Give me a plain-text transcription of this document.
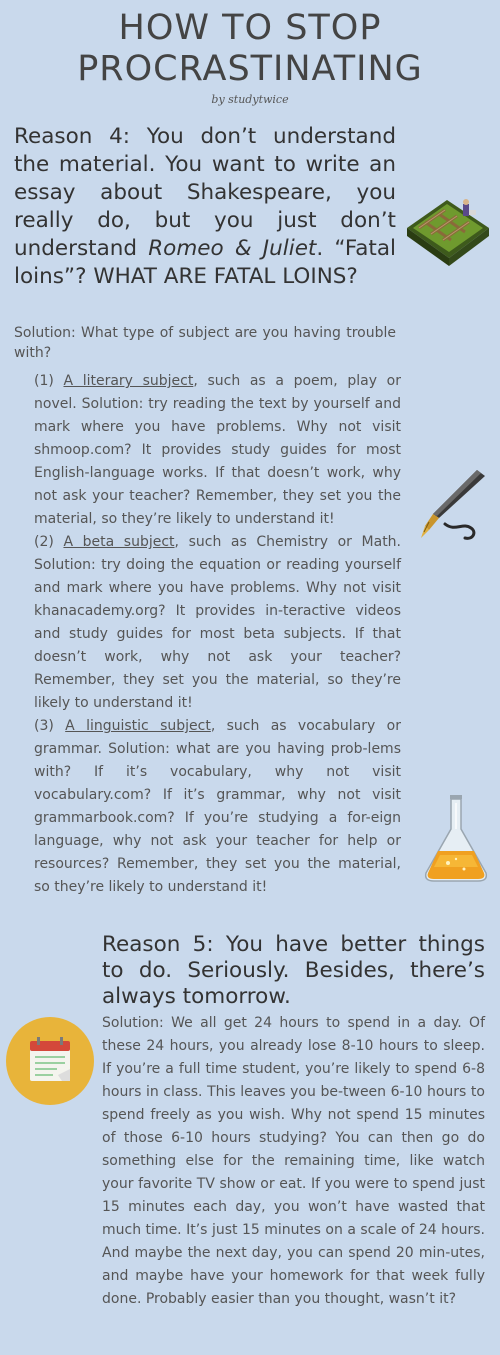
HOW TO STOP
PROCRASTINATING
by studytwice
Reason 4: You don’t understand the material. You want to write an essay about Shakespeare, you really do, but you just don’t understand Romeo & Juliet. “Fatal loins”? WHAT ARE FATAL LOINS?
Solution: What type of subject are you having trouble with?
(1) A literary subject, such as a poem, play or novel. Solution: try reading the text by yourself and mark where you have problems. Why not visit shmoop.com? It provides study guides for most English-language works. If that doesn’t work, why not ask your teacher? Remember, they set you the material, so they’re likely to understand it!
(2) A beta subject, such as Chemistry or Math. Solution: try doing the equation or reading yourself and mark where you have problems. Why not visit khanacademy.org? It provides in-teractive videos and study guides for most beta subjects. If that doesn’t work, why not ask your teacher? Remember, they set you the material, so they’re likely to understand it!
(3) A linguistic subject, such as vocabulary or grammar. Solution: what are you having prob-lems with? If it’s vocabulary, why not visit vocabulary.com? If it’s grammar, why not visit grammarbook.com? If you’re studying a for-eign language, why not ask your teacher for help or resources? Remember, they set you the material, so they’re likely to understand it!
Reason 5: You have better things to do. Seriously. Besides, there’s always tomorrow.
Solution: We all get 24 hours to spend in a day. Of these 24 hours, you already lose 8-10 hours to sleep. If you’re a full time student, you’re likely to spend 6-8 hours in class. This leaves you be-tween 6-10 hours to spend freely as you wish. Why not spend 15 minutes of those 6-10 hours studying? You can then go do something else for the remaining time, like watch your favorite TV show or eat. If you were to spend just 15 minutes each day, you won’t have wasted that much time. It’s just 15 minutes on a scale of 24 hours. And maybe the next day, you can spend 20 min-utes, and maybe have your homework for that week fully done. Probably easier than you thought, wasn’t it?
